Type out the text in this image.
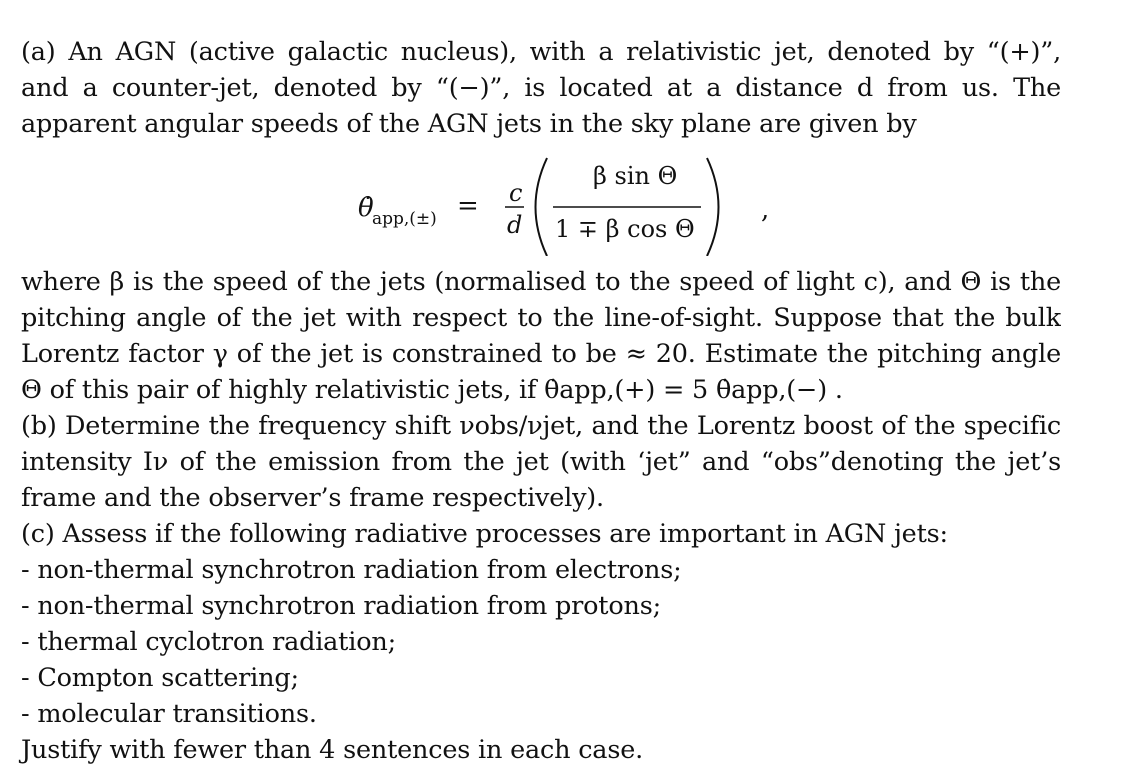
(a) An AGN (active galactic nucleus), with a relativistic jet, denoted by “(+)”,
and a counter-jet, denoted by “(−)”, is located at a distance d from us. The
apparent angular speeds of the AGN jets in the sky plane are given by
θ̇
app,(±) = c
d
β sin Θ
1 ∓ β cos Θ
,
where β is the speed of the jets (normalised to the speed of light c), and Θ is the
pitching angle of the jet with respect to the line-of-sight. Suppose that the bulk
Lorentz factor γ of the jet is constrained to be ≈ 20. Estimate the pitching angle
Θ of this pair of highly relativistic jets, if θ̇app,(+) = 5 θ̇app,(−) .
(b) Determine the frequency shift νobs/νjet, and the Lorentz boost of the specific
intensity Iν of the emission from the jet (with ‘jet” and “obs”denoting the jet’s
frame and the observer’s frame respectively).
(c) Assess if the following radiative processes are important in AGN jets:
- non-thermal synchrotron radiation from electrons;
- non-thermal synchrotron radiation from protons;
- thermal cyclotron radiation;
- Compton scattering;
- molecular transitions.
Justify with fewer than 4 sentences in each case.
